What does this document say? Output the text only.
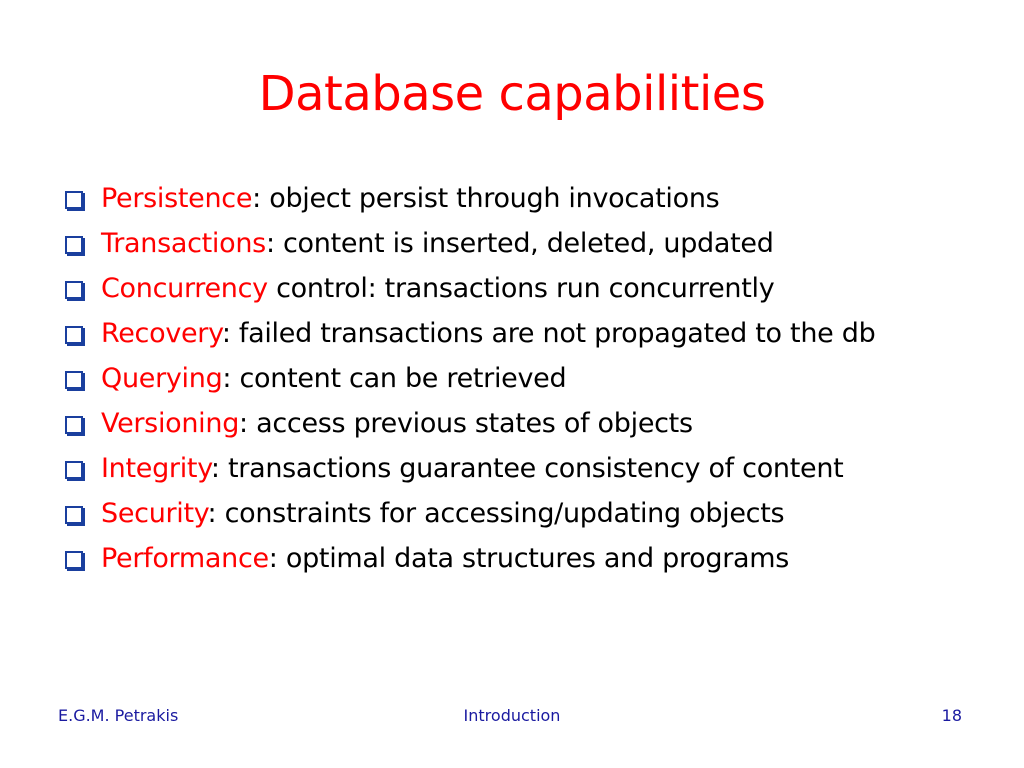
Database capabilities
Persistence: object persist through invocations
Transactions: content is inserted, deleted, updated
Concurrency control: transactions run concurrently
Recovery: failed transactions are not propagated to the db
Querying: content can be retrieved
Versioning: access previous states of objects
Integrity: transactions guarantee consistency of content
Security: constraints for accessing/updating objects
Performance: optimal data structures and programs
E.G.M. Petrakis	Introduction	18
